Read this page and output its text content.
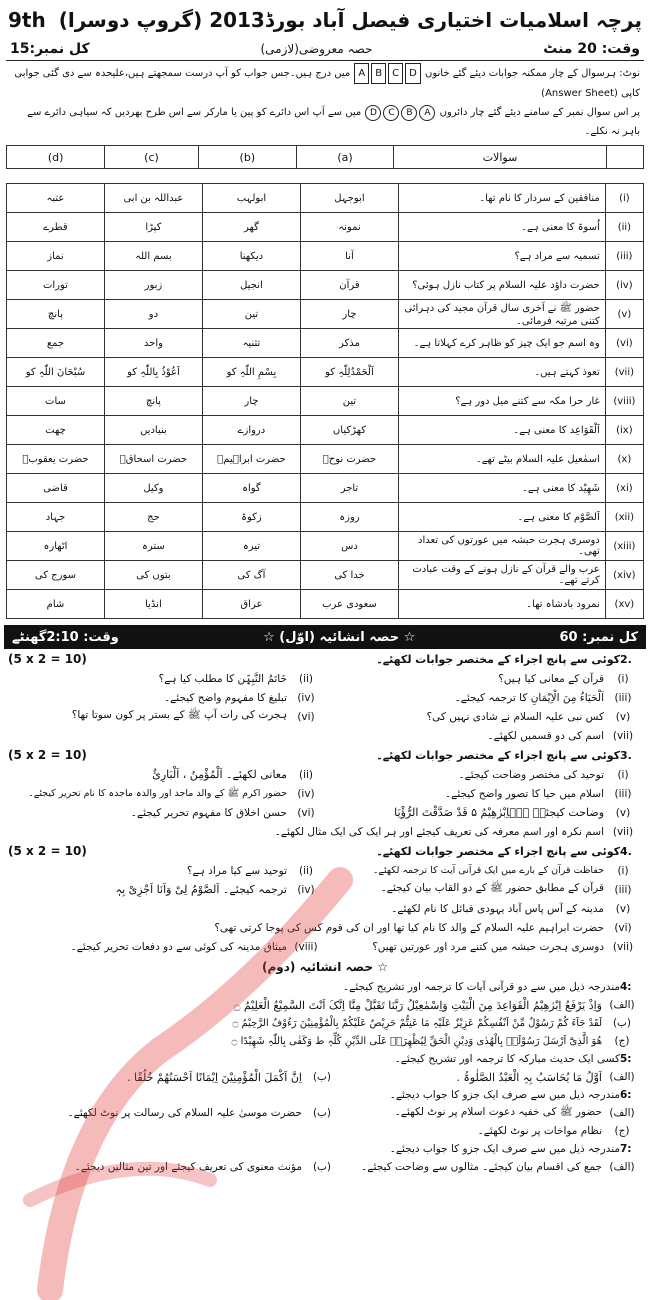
پرچہ اسلامیات اختیاری فیصل آباد بورڈ2013 (گروپ دوسرا)
9th
وقت: 20 منٹ
حصہ معروضی(لازمی)
کل نمبر:15
نوٹ: ہرسوال کے چار ممکنہ جوابات دیئے گئے خانوں DCBA میں درج ہیں۔جس جواب کو آپ درست سمجھتے ہیں،علیحدہ سے دی گئی جوابی کاپی (Answer Sheet)
پر اس سوال نمبر کے سامنے دیئے گئے چار دائروں ABCD میں سے آپ اس دائرے کو پین یا مارکر سے اس طرح بھردیں کہ سیاہی دائرے سے باہر نہ نکلے۔
	سوالات	(a)	(b)	(c)	(d)
(i)	منافقین کے سردار کا نام تھا۔	ابوجہل	ابولہب	عبداللہ بن ابی	عتبہ
(ii)	اُسوۃ کا معنی ہے۔	نمونہ	گھر	کپڑا	قطرے
(iii)	تسمیہ سے مراد ہے؟	آنا	دیکھنا	بسم اللہ	نماز
(iv)	حضرت داؤد علیہ السلام پر کتاب نازل ہوئی؟	قرآن	انجیل	زبور	تورات
(v)	حضور ﷺ نے آخری سال قرآن مجید کی دہرائی کتنی مرتبہ فرمائی۔	چار	تین	دو	پانچ
(vi)	وہ اسم جو ایک چیز کو ظاہر کرے کہلاتا ہے۔	مذکر	تثنیہ	واحد	جمع
(vii)	تعوذ کہتے ہیں۔	اَلْحَمْدُلِلّٰہِ کو	بِسْمِ اللّٰہِ کو	اَعُوْذُ بِاللّٰہِ کو	سُبْحَانَ اللّٰہِ کو
(viii)	غار حرا مکہ سے کتنے میل دور ہے؟	تین	چار	پانچ	سات
(ix)	اَلْقَوَاعِد کا معنی ہے۔	کھڑکیاں	دروازے	بنیادیں	چھت
(x)	اسمٰعیل علیہ السلام بیٹے تھے۔	حضرت نوحؑ	حضرت ابراہیمؑ	حضرت اسحاقؑ	حضرت یعقوبؑ
(xi)	شَھِیْد کا معنی ہے۔	تاجر	گواہ	وکیل	قاضی
(xii)	اَلصَّوْم کا معنی ہے۔	روزہ	زکوۃ	حج	جہاد
(xiii)	دوسری ہجرت حبشہ میں عورتوں کی تعداد تھی۔	دس	تیرہ	سترہ	اٹھارہ
(xiv)	عرب والے قرآن کے نازل ہونے کے وقت عبادت کرتے تھے۔	خدا کی	آگ کی	بتوں کی	سورج کی
(xv)	نمرود بادشاہ تھا۔	سعودی عرب	عراق	انڈیا	شام
کل نمبر: 60
☆ حصہ انشائیہ (اوّل) ☆
وقت: 2:10گھنٹے
2.
کوئی سے پانچ اجزاء کے مختصر جوابات لکھئے۔
(5 x 2 = 10)
(i)
قرآن کے معانی کیا ہیں؟
(ii)
خَاتَمُ النَّبِیّٖن کا مطلب کیا ہے؟
(iii)
اَلْحَیَاءُ مِنَ الْاِیْمَانِ کا ترجمہ کیجئے۔
(iv)
تبلیغ کا مفہوم واضح کیجئے۔
(v)
کس نبی علیہ السلام نے شادی نہیں کی؟
(vi)
ہجرت کی رات آپ ﷺ کے بستر پر کون سوتا تھا؟
(vii)
اسم کی دو قسمیں لکھئے۔
3.
کوئی سے پانچ اجزاء کے مختصر جوابات لکھئے۔
(5 x 2 = 10)
(i)
توحید کی مختصر وضاحت کیجئے۔
(ii)
معانی لکھئے۔ اَلْمُؤْمِنُ ، اَلْبَارِیُٔ
(iii)
اسلام میں حیا کا تصور واضح کیجئے۔
(iv)
حضور اکرم ﷺ کے والد ماجد اور والدہ ماجدہ کا نام تحریر کیجئے۔
(v)
وضاحت کیجئے۔ یٰۤاِبْرٰھِیْمُ ۵ قَدْ صَدَّقْتَ الرُّؤْیَا
(vi)
حسن اخلاق کا مفہوم تحریر کیجئے۔
(vii)
اسم نکرہ اور اسم معرفہ کی تعریف کیجئے اور ہر ایک کی ایک مثال لکھئے۔
4.
کوئی سے پانچ اجزاء کے مختصر جوابات لکھئے۔
(5 x 2 = 10)
(i)
حفاظت قرآن کے بارے میں ایک قرآنی آیت کا ترجمہ لکھئے۔
(ii)
توحید سے کیا مراد ہے؟
(iii)
قرآن کے مطابق حضور ﷺ کے دو القاب بیان کیجئے۔
(iv)
ترجمہ کیجئے۔ اَلصَّوْمُ لِیْ وَاَنَا اَجْزِیْ بِہٖ
(v)
مدینہ کے آس پاس آباد یہودی قبائل کا نام لکھئے۔
(vi)
حضرت ابراہیم علیہ السلام کے والد کا نام کیا تھا اور ان کی قوم کس کی پوجا کرتی تھی؟
(vii)
دوسری ہجرت حبشہ میں کتنے مرد اور عورتیں تھیں؟
(viii)
میثاق مدینہ کی کوئی سے دو دفعات تحریر کیجئے۔
☆ حصہ انشائیہ (دوم)
4:
مندرجہ ذیل میں سے دو قرآنی آیات کا ترجمہ اور تشریح کیجئے۔
(الف)
وَاِذْ یَرْفَعُ اِبْرٰھِیْمُ الْقَوَاعِدَ مِنَ الْبَیْتِ وَاِسْمٰعِیْلُ رَبَّنَا تَقَبَّلْ مِنَّا اِنَّکَ اَنْتَ السَّمِیْعُ الْعَلِیْمُ ۝
(ب)
لَقَدْ جَآءَ کُمْ رَسُوْلٌ مِّنْ اَنْفُسِکُمْ عَزِیْزٌ عَلَیْہِ مَا عَنِتُّمْ حَرِیْصٌ عَلَیْکُمْ بِالْمُؤْمِنِیْنَ رَءُوْفٌ الرَّحِیْمُ ۝
(ج)
ھُوَ الَّذِیْٓ اَرْسَلَ رَسُوْلَہٗ بِالْھُدٰی وَدِیْنِ الْحَقِّ لِیُظْھِرَہٗ عَلَی الدِّیْنِ کُلِّہٖ ط وَکَفٰی بِاللّٰہِ شَھِیْدًا ۝
5:
کسی ایک حدیث مبارکہ کا ترجمہ اور تشریح کیجئے۔
(الف)
اَوَّلُ مَا یُحَاسَبُ بِہِ الْعَبْدُ الصَّلٰوۃُ .
(ب)
اِنَّ اَکْمَلَ الْمُؤْمِنِیْنَ اِیْمَانًا اَحْسَنُھُمْ خُلُقًا .
6:
مندرجہ ذیل میں سے صرف ایک جزو کا جواب دیجئے۔
(الف)
حضور ﷺ کی خفیہ دعوت اسلام پر نوٹ لکھئے۔
(ب)
حضرت موسیٰ علیہ السلام کی رسالت پر نوٹ لکھئے۔
(ج)
نظام مواخات پر نوٹ لکھئے۔
7:
مندرجہ ذیل میں سے صرف ایک جزو کا جواب دیجئے۔
(الف)
جمع کی اقسام بیان کیجئے۔ مثالوں سے وضاحت کیجئے۔
(ب)
مؤنث معنوی کی تعریف کیجئے اور تین مثالیں دیجئے۔
